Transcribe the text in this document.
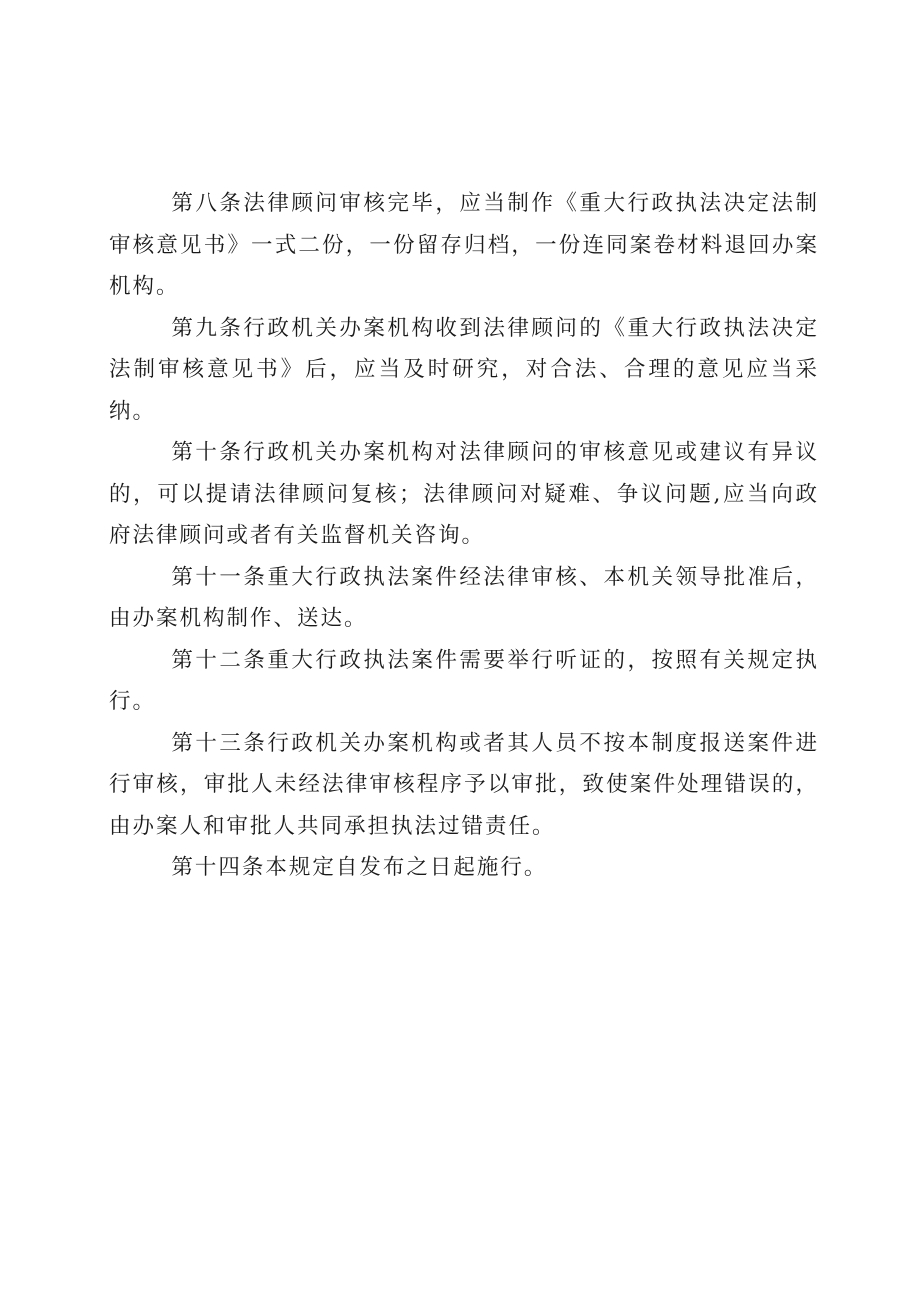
第八条法律顾问审核完毕，应当制作《重大行政执法决定法制审核意见书》一式二份，一份留存归档，一份连同案卷材料退回办案机构。

第九条行政机关办案机构收到法律顾问的《重大行政执法决定法制审核意见书》后，应当及时研究，对合法、合理的意见应当采纳。

第十条行政机关办案机构对法律顾问的审核意见或建议有异议的，可以提请法律顾问复核；法律顾问对疑难、争议问题,应当向政府法律顾问或者有关监督机关咨询。

第十一条重大行政执法案件经法律审核、本机关领导批准后，由办案机构制作、送达。

第十二条重大行政执法案件需要举行听证的，按照有关规定执行。

第十三条行政机关办案机构或者其人员不按本制度报送案件进行审核，审批人未经法律审核程序予以审批，致使案件处理错误的，由办案人和审批人共同承担执法过错责任。

第十四条本规定自发布之日起施行。
